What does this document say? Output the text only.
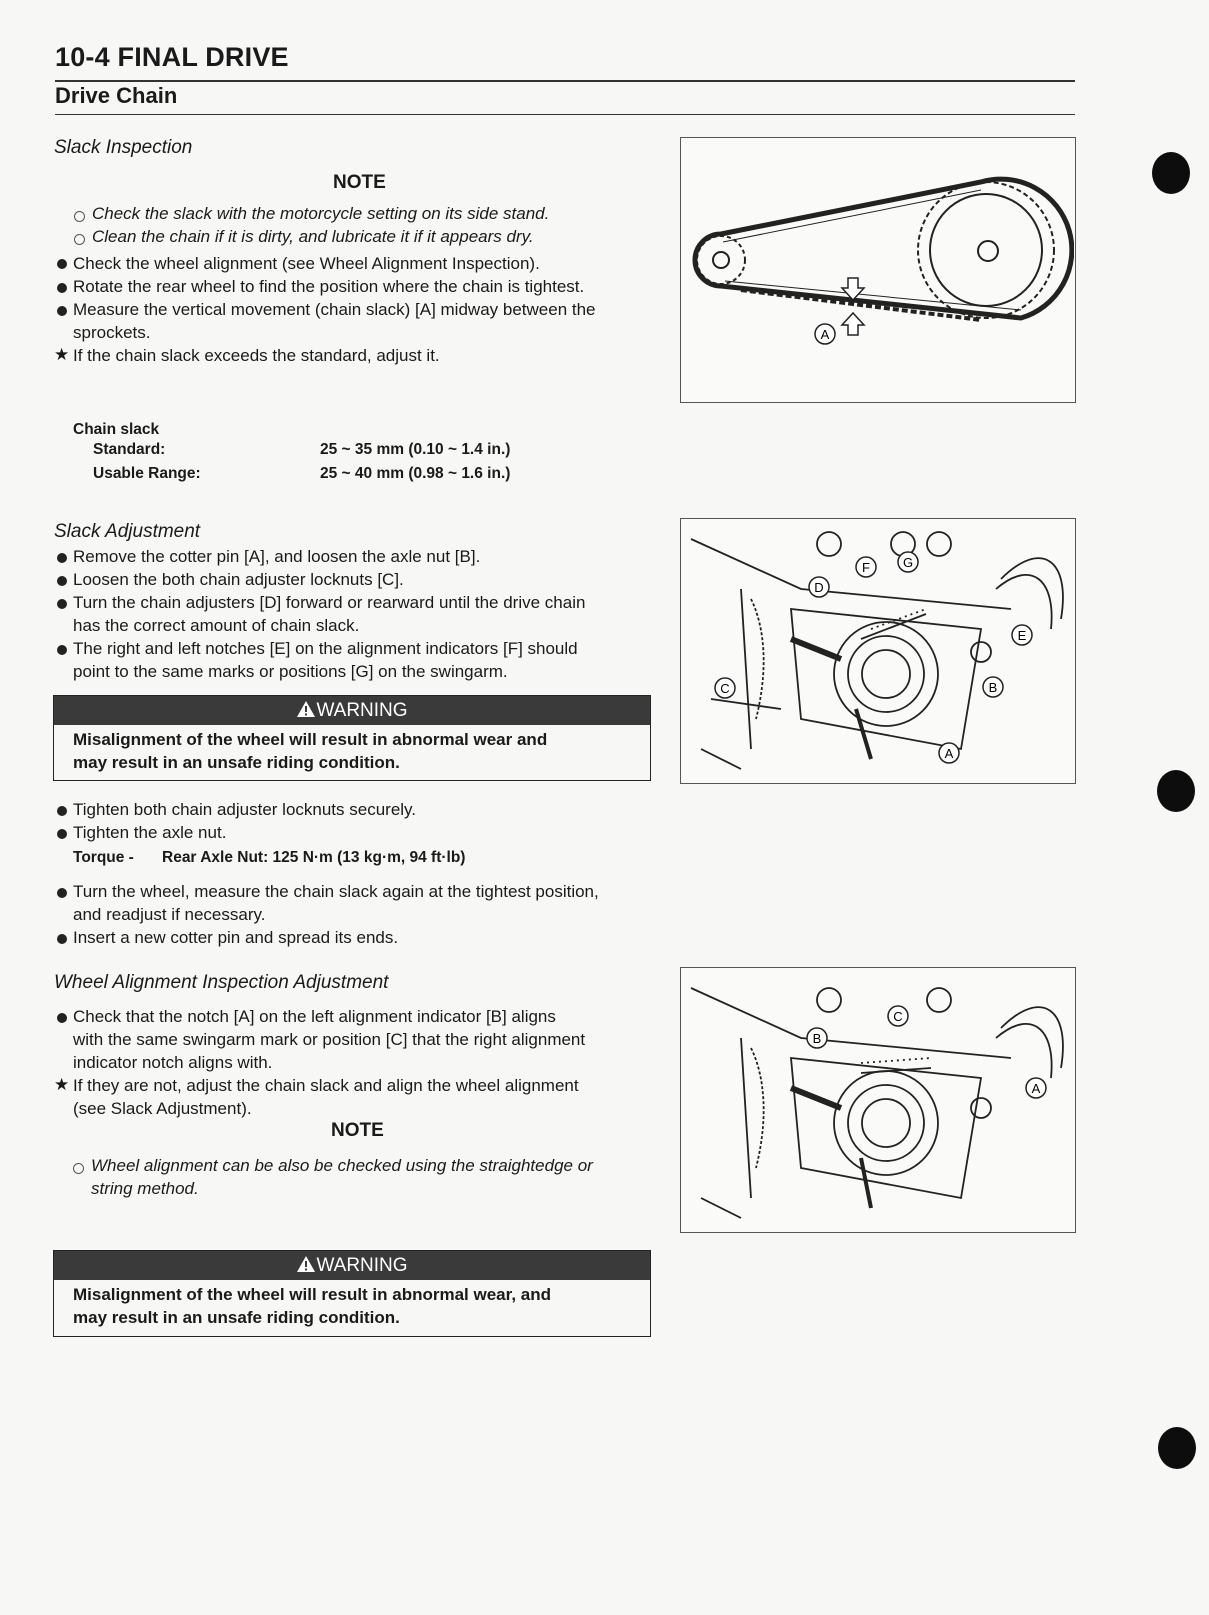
10-4 FINAL DRIVE
Drive Chain
Slack Inspection
NOTE
Check the slack with the motorcycle setting on its side stand.
Clean the chain if it is dirty, and lubricate it if it appears dry.
Check the wheel alignment (see Wheel Alignment Inspection).
Rotate the rear wheel to find the position where the chain is tightest.
Measure the vertical movement (chain slack) [A] midway between the
sprockets.
★ If the chain slack exceeds the standard, adjust it.
Chain slack
Standard:	25 ~ 35 mm (0.10 ~ 1.4 in.)
Usable Range:	25 ~ 40 mm (0.98 ~ 1.6 in.)
Slack Adjustment
Remove the cotter pin [A], and loosen the axle nut [B].
Loosen the both chain adjuster locknuts [C].
Turn the chain adjusters [D] forward or rearward until the drive chain
has the correct amount of chain slack.
The right and left notches [E] on the alignment indicators [F] should
point to the same marks or positions [G] on the swingarm.
WARNING
Misalignment of the wheel will result in abnormal wear and
may result in an unsafe riding condition.
Tighten both chain adjuster locknuts securely.
Tighten the axle nut.
Torque - Rear Axle Nut: 125 N·m (13 kg·m, 94 ft·lb)
Turn the wheel, measure the chain slack again at the tightest position,
and readjust if necessary.
Insert a new cotter pin and spread its ends.
Wheel Alignment Inspection Adjustment
Check that the notch [A] on the left alignment indicator [B] aligns
with the same swingarm mark or position [C] that the right alignment
indicator notch aligns with.
★ If they are not, adjust the chain slack and align the wheel alignment
(see Slack Adjustment).
NOTE
Wheel alignment can be also be checked using the straightedge or
string method.
WARNING
Misalignment of the wheel will result in abnormal wear, and
may result in an unsafe riding condition.
A
A
B
C
D
E
F	G
A
B
C
